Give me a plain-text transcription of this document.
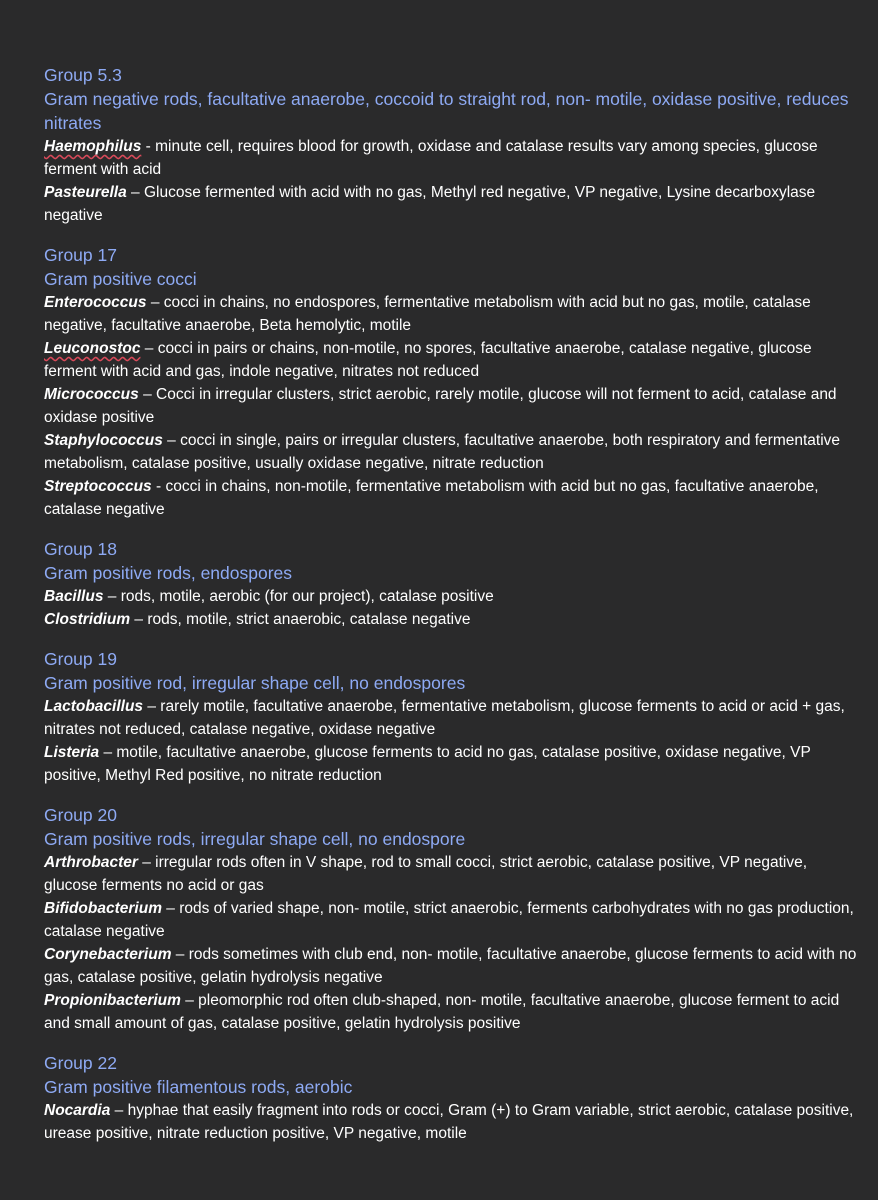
Group 5.3

Gram negative rods, facultative anaerobe, coccoid to straight rod, non- motile, oxidase positive, reduces nitrates

Haemophilus - minute cell, requires blood for growth, oxidase and catalase results vary among species, glucose ferment with acid

Pasteurella – Glucose fermented with acid with no gas, Methyl red negative, VP negative, Lysine decarboxylase negative

Group 17

Gram positive cocci

Enterococcus – cocci in chains, no endospores, fermentative metabolism with acid but no gas, motile, catalase negative, facultative anaerobe, Beta hemolytic, motile

Leuconostoc – cocci in pairs or chains, non-motile, no spores, facultative anaerobe, catalase negative, glucose ferment with acid and gas, indole negative, nitrates not reduced

Micrococcus – Cocci in irregular clusters, strict aerobic, rarely motile, glucose will not ferment to acid, catalase and oxidase positive

Staphylococcus – cocci in single, pairs or irregular clusters, facultative anaerobe, both respiratory and fermentative metabolism, catalase positive, usually oxidase negative, nitrate reduction

Streptococcus - cocci in chains, non-motile, fermentative metabolism with acid but no gas, facultative anaerobe, catalase negative

Group 18

Gram positive rods, endospores

Bacillus – rods, motile, aerobic (for our project), catalase positive

Clostridium – rods, motile, strict anaerobic, catalase negative

Group 19

Gram positive rod, irregular shape cell, no endospores

Lactobacillus – rarely motile, facultative anaerobe, fermentative metabolism, glucose ferments to acid or acid + gas, nitrates not reduced, catalase negative, oxidase negative

Listeria – motile, facultative anaerobe, glucose ferments to acid no gas, catalase positive, oxidase negative, VP positive, Methyl Red positive, no nitrate reduction

Group 20

Gram positive rods, irregular shape cell, no endospore

Arthrobacter – irregular rods often in V shape, rod to small cocci, strict aerobic, catalase positive, VP negative, glucose ferments no acid or gas

Bifidobacterium – rods of varied shape, non- motile, strict anaerobic, ferments carbohydrates with no gas production, catalase negative

Corynebacterium – rods sometimes with club end, non- motile, facultative anaerobe, glucose ferments to acid with no gas, catalase positive, gelatin hydrolysis negative

Propionibacterium – pleomorphic rod often club-shaped, non- motile, facultative anaerobe, glucose ferment to acid and small amount of gas, catalase positive, gelatin hydrolysis positive

Group 22

Gram positive filamentous rods, aerobic

Nocardia – hyphae that easily fragment into rods or cocci, Gram (+) to Gram variable, strict aerobic, catalase positive, urease positive, nitrate reduction positive, VP negative, motile
